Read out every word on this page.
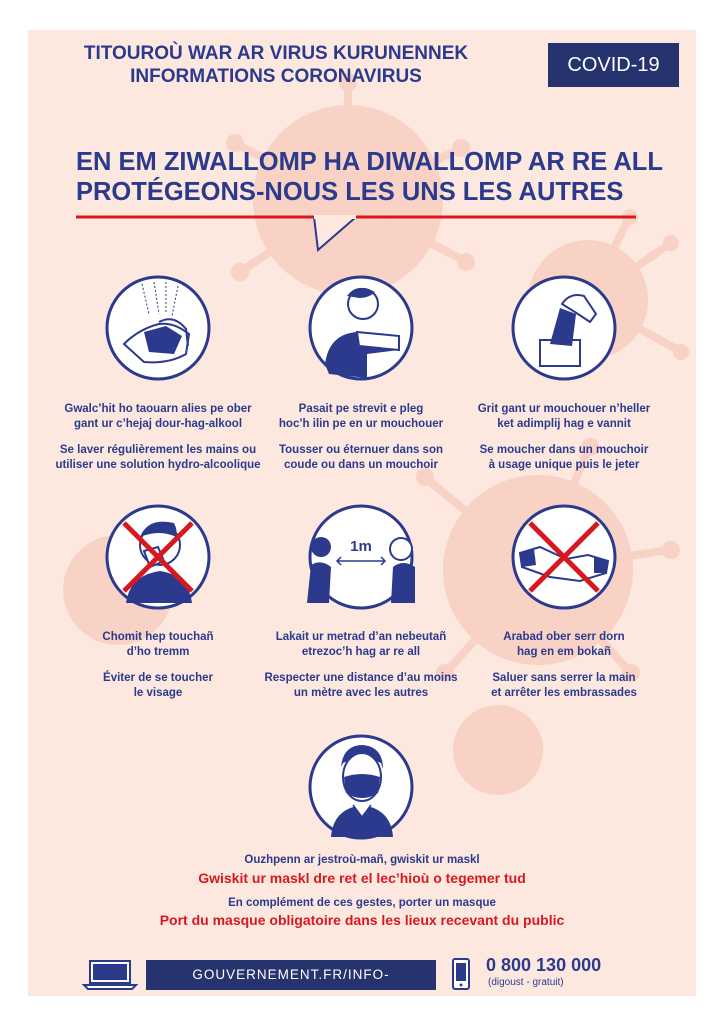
TITOUROÙ WAR AR VIRUS KURUNENNEK
INFORMATIONS CORONAVIRUS
COVID-19
EN EM ZIWALLOMP HA DIWALLOMP AR RE ALL
PROTÉGEONS-NOUS LES UNS LES AUTRES

Gwalc’hit ho taouarn alies pe ober
gant ur c’hejaj dour-hag-alkool

Se laver régulièrement les mains ou
utiliser une solution hydro-alcoolique

Pasait pe strevit e pleg
hoc’h ilin pe en ur mouchouer

Tousser ou éternuer dans son
coude ou dans un mouchoir

Grit gant ur mouchouer n’heller
ket adimplij hag e vannit

Se moucher dans un mouchoir
à usage unique puis le jeter

1m

Chomit hep touchañ
d’ho tremm

Éviter de se toucher
le visage

Lakait ur metrad d’an nebeutañ
etrezoc’h hag ar re all

Respecter une distance d’au moins
un mètre avec les autres

Arabad ober serr dorn
hag en em bokañ

Saluer sans serrer la main
et arrêter les embrassades

Ouzhpenn ar jestroù-mañ, gwiskit ur maskl
Gwiskit ur maskl dre ret el lec’hioù o tegemer tud
En complément de ces gestes, porter un masque
Port du masque obligatoire dans les lieux recevant du public
GOUVERNEMENT.FR/INFO-CORONAVIRUS
0 800 130 000
(digoust - gratuit)
